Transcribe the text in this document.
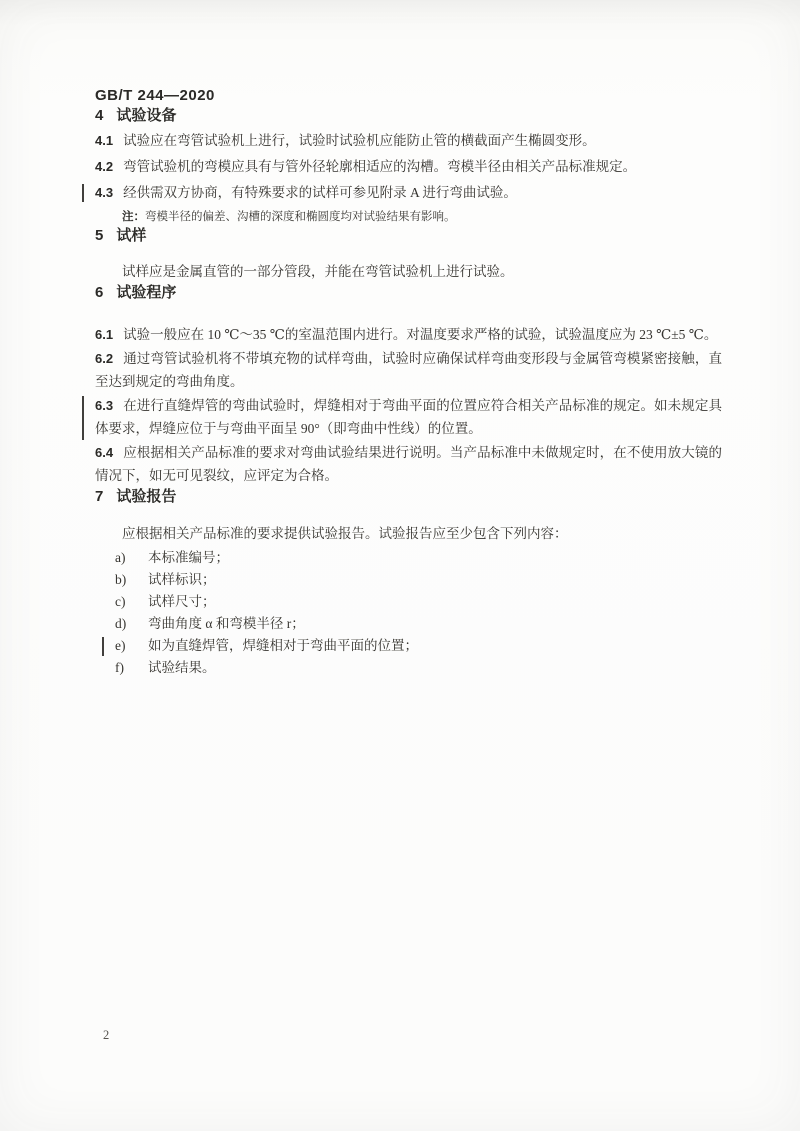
GB/T 244—2020
4 试验设备

4.1 试验应在弯管试验机上进行，试验时试验机应能防止管的横截面产生椭圆变形。

4.2 弯管试验机的弯模应具有与管外径轮廓相适应的沟槽。弯模半径由相关产品标准规定。

4.3 经供需双方协商，有特殊要求的试样可参见附录 A 进行弯曲试验。

注：弯模半径的偏差、沟槽的深度和椭圆度均对试验结果有影响。

5 试样

试样应是金属直管的一部分管段，并能在弯管试验机上进行试验。

6 试验程序

6.1 试验一般应在 10 ℃～35 ℃的室温范围内进行。对温度要求严格的试验，试验温度应为 23 ℃±5 ℃。

6.2 通过弯管试验机将不带填充物的试样弯曲，试验时应确保试样弯曲变形段与金属管弯模紧密接触，直至达到规定的弯曲角度。

6.3 在进行直缝焊管的弯曲试验时，焊缝相对于弯曲平面的位置应符合相关产品标准的规定。如未规定具体要求，焊缝应位于与弯曲平面呈 90°（即弯曲中性线）的位置。

6.4 应根据相关产品标准的要求对弯曲试验结果进行说明。当产品标准中未做规定时，在不使用放大镜的情况下，如无可见裂纹，应评定为合格。

7 试验报告

应根据相关产品标准的要求提供试验报告。试验报告应至少包含下列内容：

a) 本标准编号；
b) 试样标识；
c) 试样尺寸；
d) 弯曲角度 α 和弯模半径 r；
e) 如为直缝焊管，焊缝相对于弯曲平面的位置；
f) 试验结果。
2
